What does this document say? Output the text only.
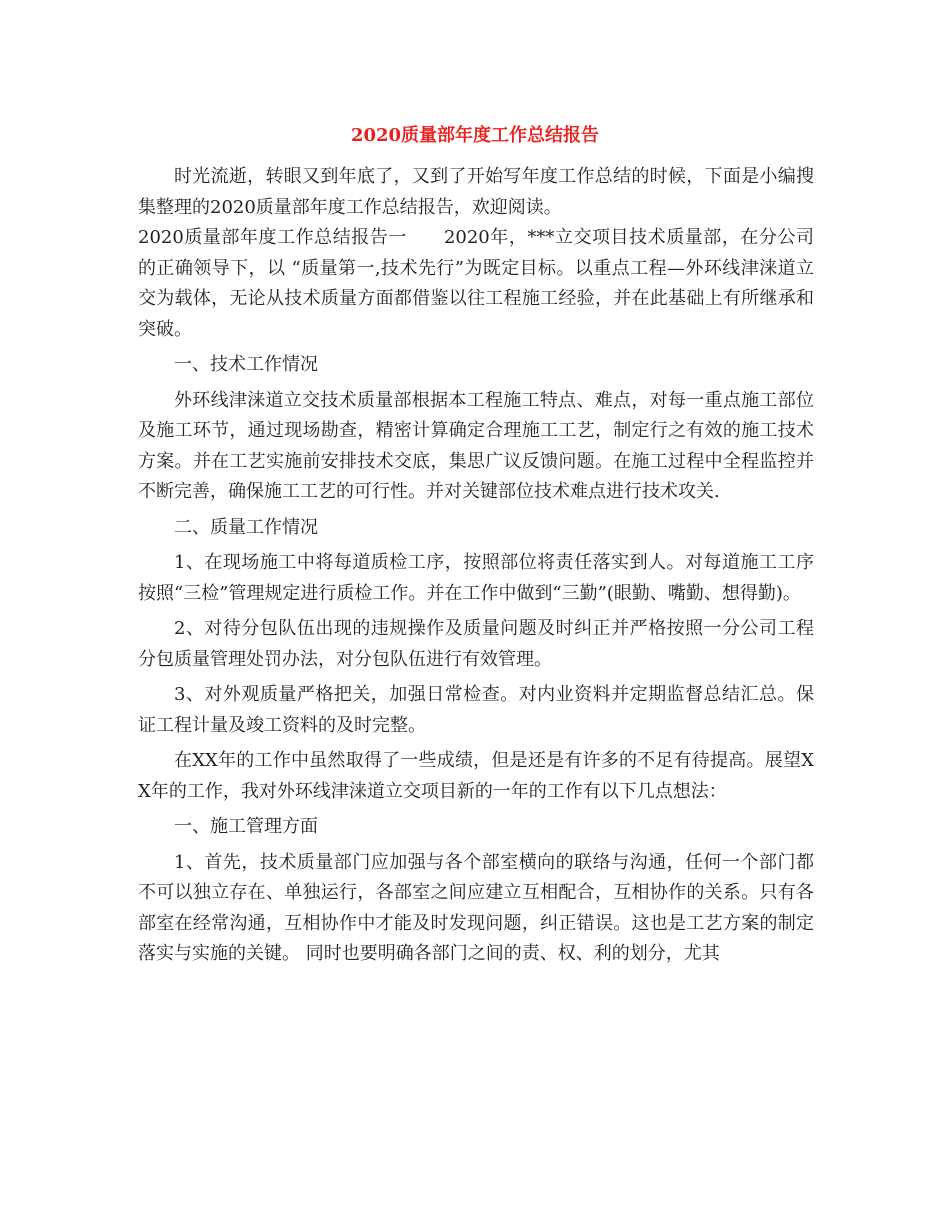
2020质量部年度工作总结报告

时光流逝，转眼又到年底了，又到了开始写年度工作总结的时候，下面是小编搜集整理的2020质量部年度工作总结报告，欢迎阅读。

2020质量部年度工作总结报告一　　2020年，***立交项目技术质量部，在分公司的正确领导下，以 “质量第一,技术先行”为既定目标。以重点工程—外环线津涞道立交为载体，无论从技术质量方面都借鉴以往工程施工经验，并在此基础上有所继承和突破。

一、技术工作情况

外环线津涞道立交技术质量部根据本工程施工特点、难点，对每一重点施工部位及施工环节，通过现场勘查，精密计算确定合理施工工艺，制定行之有效的施工技术方案。并在工艺实施前安排技术交底，集思广议反馈问题。在施工过程中全程监控并不断完善，确保施工工艺的可行性。并对关键部位技术难点进行技术攻关.

二、质量工作情况

1、在现场施工中将每道质检工序，按照部位将责任落实到人。对每道施工工序按照“三检”管理规定进行质检工作。并在工作中做到“三勤”(眼勤、嘴勤、想得勤)。

2、对待分包队伍出现的违规操作及质量问题及时纠正并严格按照一分公司工程分包质量管理处罚办法，对分包队伍进行有效管理。

3、对外观质量严格把关，加强日常检查。对内业资料并定期监督总结汇总。保证工程计量及竣工资料的及时完整。

在XX年的工作中虽然取得了一些成绩，但是还是有许多的不足有待提高。展望XX年的工作，我对外环线津涞道立交项目新的一年的工作有以下几点想法：

一、施工管理方面

1、首先，技术质量部门应加强与各个部室横向的联络与沟通，任何一个部门都不可以独立存在、单独运行，各部室之间应建立互相配合，互相协作的关系。只有各部室在经常沟通，互相协作中才能及时发现问题，纠正错误。这也是工艺方案的制定落实与实施的关键。 同时也要明确各部门之间的责、权、利的划分，尤其
